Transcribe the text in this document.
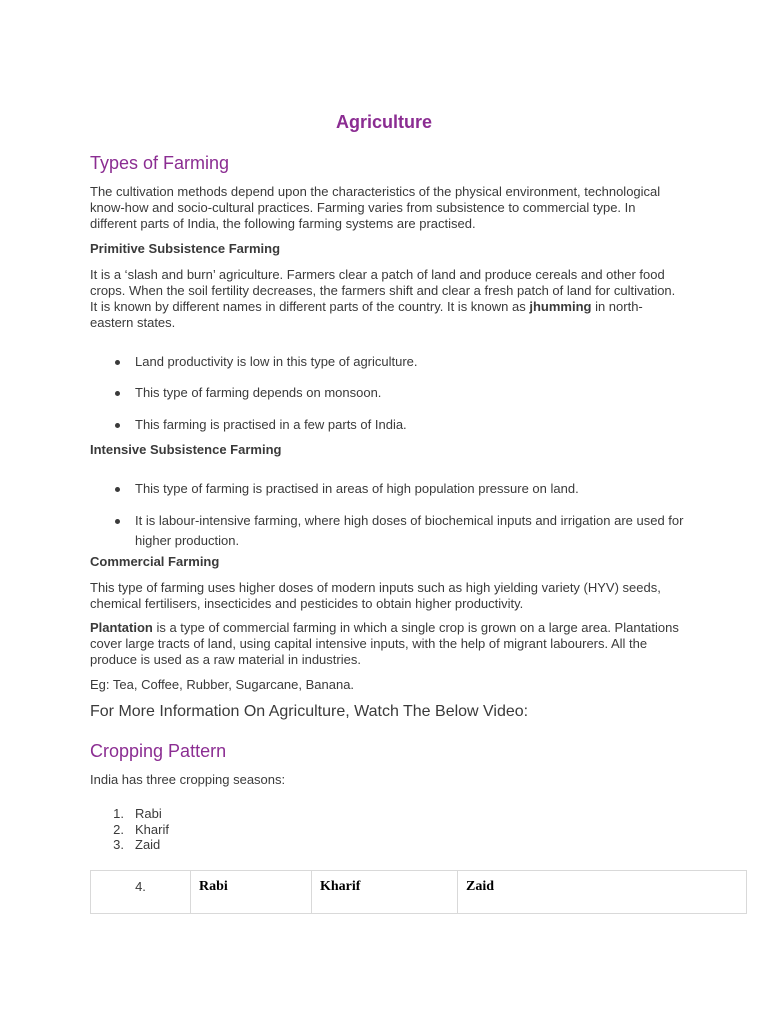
Agriculture
Types of Farming

The cultivation methods depend upon the characteristics of the physical environment, technological know-how and socio-cultural practices. Farming varies from subsistence to commercial type. In different parts of India, the following farming systems are practised.

Primitive Subsistence Farming

It is a ‘slash and burn’ agriculture. Farmers clear a patch of land and produce cereals and other food crops. When the soil fertility decreases, the farmers shift and clear a fresh patch of land for cultivation. It is known by different names in different parts of the country. It is known as jhumming in north-eastern states.

Land productivity is low in this type of agriculture.
This type of farming depends on monsoon.
This farming is practised in a few parts of India.
Intensive Subsistence Farming
This type of farming is practised in areas of high population pressure on land.
It is labour-intensive farming, where high doses of biochemical inputs and irrigation are used for higher production.
Commercial Farming

This type of farming uses higher doses of modern inputs such as high yielding variety (HYV) seeds, chemical fertilisers, insecticides and pesticides to obtain higher productivity.

Plantation is a type of commercial farming in which a single crop is grown on a large area. Plantations cover large tracts of land, using capital intensive inputs, with the help of migrant labourers. All the produce is used as a raw material in industries.

Eg: Tea, Coffee, Rubber, Sugarcane, Banana.

For More Information On Agriculture, Watch The Below Video:
Cropping Pattern

India has three cropping seasons:

1. Rabi
2. Kharif
3. Zaid
4.	Rabi	Kharif	Zaid
